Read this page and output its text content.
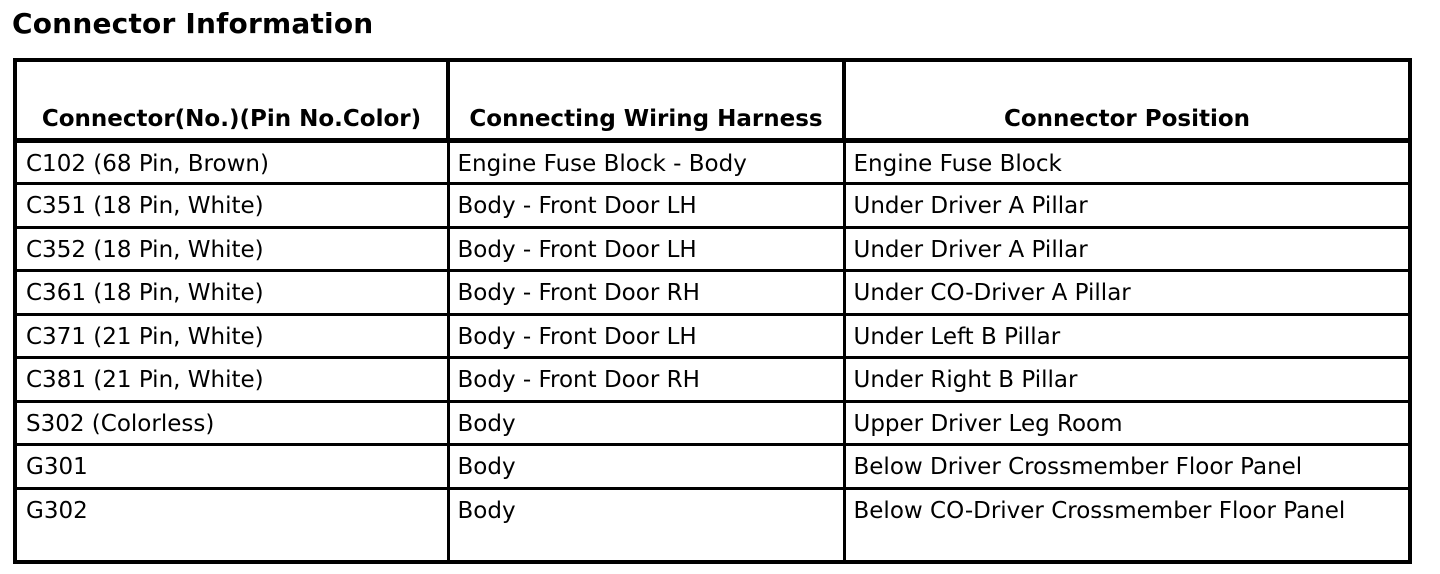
Connector Information
Connector(No.)(Pin No.Color)	Connecting Wiring Harness	Connector Position
C102 (68 Pin, Brown)	Engine Fuse Block - Body	Engine Fuse Block
C351 (18 Pin, White)	Body - Front Door LH	Under Driver A Pillar
C352 (18 Pin, White)	Body - Front Door LH	Under Driver A Pillar
C361 (18 Pin, White)	Body - Front Door RH	Under CO-Driver A Pillar
C371 (21 Pin, White)	Body - Front Door LH	Under Left B Pillar
C381 (21 Pin, White)	Body - Front Door RH	Under Right B Pillar
S302 (Colorless)	Body	Upper Driver Leg Room
G301	Body	Below Driver Crossmember Floor Panel
G302	Body	Below CO-Driver Crossmember Floor Panel
